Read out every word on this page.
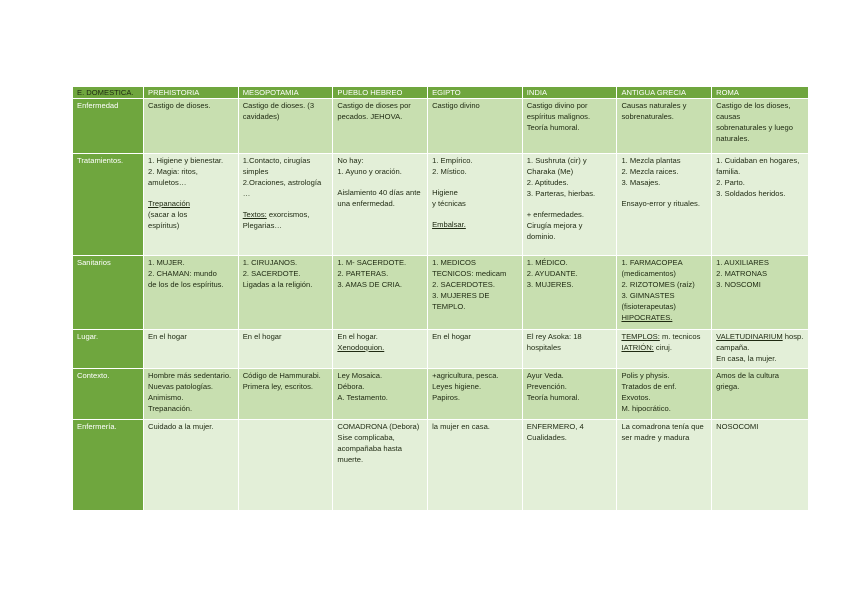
E. DOMESTICA.	PREHISTORIA	MESOPOTAMIA	PUEBLO HEBREO	EGIPTO	INDIA	ANTIGUA GRECIA	ROMA
Enfermedad	Castigo de dioses.	Castigo de dioses. (3 cavidades)	Castigo de dioses por pecados. JEHOVA.	Castigo divino	Castigo divino por espíritus malignos.
Teoría humoral.	Causas naturales y sobrenaturales.	Castigo de los dioses, causas
sobrenaturales y luego naturales.

Tratamientos.	1. Higiene y bienestar.
2. Magia: ritos, amuletos…
Trepanación
(sacar a los
espíritus)	1.Contacto, cirugías simples
2.Oraciones, astrología …
Textos: exorcismos, Plegarias…	No hay:
1. Ayuno y oración.
Aislamiento 40 días ante una enfermedad.	1. Empírico.
2. Místico.
Higiene
y técnicas
Embalsar.	1. Sushruta (cir) y Charaka (Me)
2. Aptitudes.
3. Parteras, hierbas.
+ enfermedades.
Cirugía mejora y dominio.	1. Mezcla plantas
2. Mezcla raices.
3. Masajes.
Ensayo-error y rituales.	1. Cuidaban en hogares, familia.
2. Parto.
3. Soldados heridos.

Sanitarios	1. MUJER.
2. CHAMAN: mundo
de los de los espíritus.	1. CIRUJANOS.
2. SACERDOTE.
Ligadas a la religión.	1. M- SACERDOTE.
2. PARTERAS.
3. AMAS DE CRIA.	1. MEDICOS TECNICOS: medicam
2. SACERDOTES.
3. MUJERES DE TEMPLO.	1. MÉDICO.
2. AYUDANTE.
3. MUJERES.	1. FARMACOPEA (medicamentos)
2. RIZOTOMES (raíz)
3. GIMNASTES (fisioterapeutas)
HIPOCRATES.	1. AUXILIARES
2. MATRONAS
3. NOSCOMI

Lugar.	En el hogar	En el hogar	En el hogar.
Xenodoquion.	En el hogar	El rey Asoka: 18 hospitales	TEMPLOS: m. tecnicos
IATRIÓN: ciruj.	VALETUDINARIUM hosp. campaña.
En casa, la mujer.

Contexto.	Hombre más sedentario.
Nuevas patologías.
Animismo.
Trepanación.	Código de Hammurabi.
Primera ley, escritos.	Ley Mosaica.
Débora.
A. Testamento.	+agricultura, pesca.
Leyes higiene.
Papiros.	Ayur Veda.
Prevención.
Teoría humoral.	Polis y physis.
Tratados de enf.
Exvotos.
M. hipocrático.	Amos de la cultura griega.

Enfermería.	Cuidado a la mujer.		COMADRONA (Debora) Sise complicaba, acompañaba hasta muerte.	la mujer en casa.	ENFERMERO, 4 Cualidades.	La comadrona tenía que ser madre y madura	NOSOCOMI
